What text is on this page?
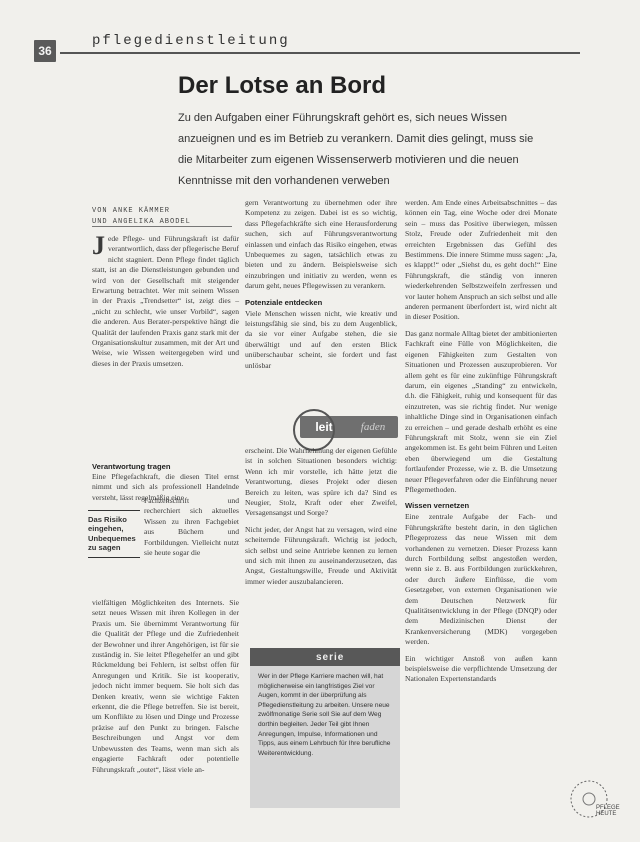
36
pflegedienstleitung
Der Lotse an Bord

Zu den Aufgaben einer Führungskraft gehört es, sich neues Wissen anzueignen und es im Betrieb zu verankern. Damit dies gelingt, muss sie die Mitarbeiter zum eigenen Wissenserwerb motivieren und die neuen Kenntnisse mit den vorhandenen verweben

VON ANKE KÄMMER
UND ANGELIKA ABODEL

J ede Pflege- und Führungskraft ist dafür verantwortlich, dass der pflegerische Beruf nicht stagniert. Denn Pflege findet täglich statt, ist an die Dienstleistungen gebunden und wird von der Gesellschaft mit steigender Erwartung betrachtet. Wer mit seinem Wissen in der Praxis „Trendsetter“ ist, zeigt dies – „nicht zu schlecht, wie unser Vorbild“, sagen die anderen. Aus Berater-perspektive hängt die Qualität der laufenden Praxis ganz stark mit der Organisationskultur zusammen, mit der Art und Weise, wie Wissen weitergegeben wird und dieses in der Praxis umsetzen.

Verantwortung tragen
Eine Pflegefachkraft, die diesen Titel ernst nimmt und sich als professionell Handelnde versteht, lässt regelmäßig eine
Das Risiko eingehen, Unbequemes zu sagen
Fachzeitschrift und recherchiert sich aktuelles Wissen zu ihren Fachgebiet aus Büchern und Fortbildungen. Vielleicht nutzt sie heute sogar die
vielfältigen Möglichkeiten des Internets. Sie setzt neues Wissen mit ihren Kollegen in der Praxis um. Sie übernimmt Verantwortung für die Qualität der Pflege und die Zufriedenheit der Bewohner und ihrer Angehörigen, ist für sie zuständig in. Sie leitet Pflegehelfer an und gibt Rückmeldung bei Fehlern, ist selbst offen für Anregungen und Kritik. Sie ist kooperativ, jedoch nicht immer bequem. Sie holt sich das Denken kreativ, wenn sie wichtige Fakten erkennt, die die Pflege betreffen. Sie ist bereit, um Konflikte zu lösen und Dinge und Prozesse präzise auf den Punkt zu bringen. Falsche Beschreibungen und Angst vor dem Unbewussten des Teams, wenn man sich als engagierte Fachkraft oder potentielle Führungskraft „outet“, lässt viele an-

gern Verantwortung zu übernehmen oder ihre Kompetenz zu zeigen. Dabei ist es so wichtig, dass Pflegefachkräfte sich eine Herausforderung suchen, sich auf Führungsverantwortung einlassen und einfach das Risiko eingehen, etwas Unbequemes zu sagen, tatsächlich etwas zu bieten und zu ändern. Beispielsweise sich einzubringen und initiativ zu werden, wenn es darum geht, neues Pflegewissen zu verankern.

Potenziale entdecken

Viele Menschen wissen nicht, wie kreativ und leistungsfähig sie sind, bis zu dem Augenblick, da sie vor einer Aufgabe stehen, die sie überwältigt und auf den ersten Blick unüberschaubar scheint, sie fordert und fast unlösbar

leit	faden

erscheint. Die Wahrnehmung der eigenen Gefühle ist in solchen Situationen besonders wichtig: Wenn ich mir vorstelle, ich hätte jetzt die Verantwortung, dieses Projekt oder diesen Bereich zu leiten, was spüre ich da? Sind es Neugier, Stolz, Kraft oder eher Zweifel, Versagensangst und Sorge?

Nicht jeder, der Angst hat zu versagen, wird eine scheiternde Führungskraft. Wichtig ist jedoch, sich selbst und seine Antriebe kennen zu lernen und sich mit ihnen zu auseinanderzusetzen, das Angst, Gestaltungswille, Freude und Aktivität immer wieder auszubalancieren.

serie

Wer in der Pflege Karriere machen will, hat möglicherweise ein langfristiges Ziel vor Augen, kommt in der überprüfung als Pflegedienstleitung zu arbeiten. Unsere neue zwölfmonatige Serie soll Sie auf dem Weg dorthin begleiten. Jeder Teil gibt Ihnen Anregungen, Impulse, Informationen und Tipps, aus einem Lehrbuch für Ihre berufliche Weiterentwicklung.

werden. Am Ende eines Arbeitsabschnittes – das können ein Tag, eine Woche oder drei Monate sein – muss das Positive überwiegen, müssen Stolz, Freude oder Zufriedenheit mit den erreichten Ergebnissen das Gefühl des Bestimmens. Die innere Stimme muss sagen: „Ja, es klappt!“ oder „Siehst du, es geht doch!“ Eine Führungskraft, die ständig von inneren wiederkehrenden Selbstzweifeln zerfressen und vor lauter hohem Anspruch an sich selbst und alle anderen permanent überfordert ist, wird nicht alt in dieser Position.

Das ganz normale Alltag bietet der ambitionierten Fachkraft eine Fülle von Möglichkeiten, die eigenen Fähigkeiten zum Gestalten von Situationen und Prozessen auszuprobieren. Vor allem geht es für eine zukünftige Führungskraft darum, ein eigenes „Standing“ zu entwickeln, d.h. die Fähigkeit, ruhig und konsequent für das einzutreten, was sie richtig findet. Nur wenige inhaltliche Dinge sind in Organisationen einfach zu erreichen – und gerade deshalb erhöht es eine Führungskraft mit Stolz, wenn sie ein Ziel angekommen ist. Es geht beim Führen und Leiten eben überwiegend um die Gestaltung fortlaufender Prozesse, wie z. B. die Umsetzung neuer Pflegeverfahren oder die Einführung neuer Pflegemethoden.

Wissen vernetzen

Eine zentrale Aufgabe der Fach- und Führungskräfte besteht darin, in den täglichen Pflegeprozess das neue Wissen mit dem vorhandenen zu vernetzen. Dieser Prozess kann durch Fortbildung selbst angestoßen werden, wenn sie z. B. aus Fortbildungen zurückkehren, oder durch äußere Einflüsse, die vom Gesetzgeber, von externen Organisationen wie dem Deutschen Netzwerk für Qualitätsentwicklung in der Pflege (DNQP) oder dem Medizinischen Dienst der Krankenversicherung (MDK) vorgegeben werden.

Ein wichtiger Anstoß von außen kann beispielsweise die verpflichtende Umsetzung der Nationalen Expertenstandards

PFLEGE HEUTE
